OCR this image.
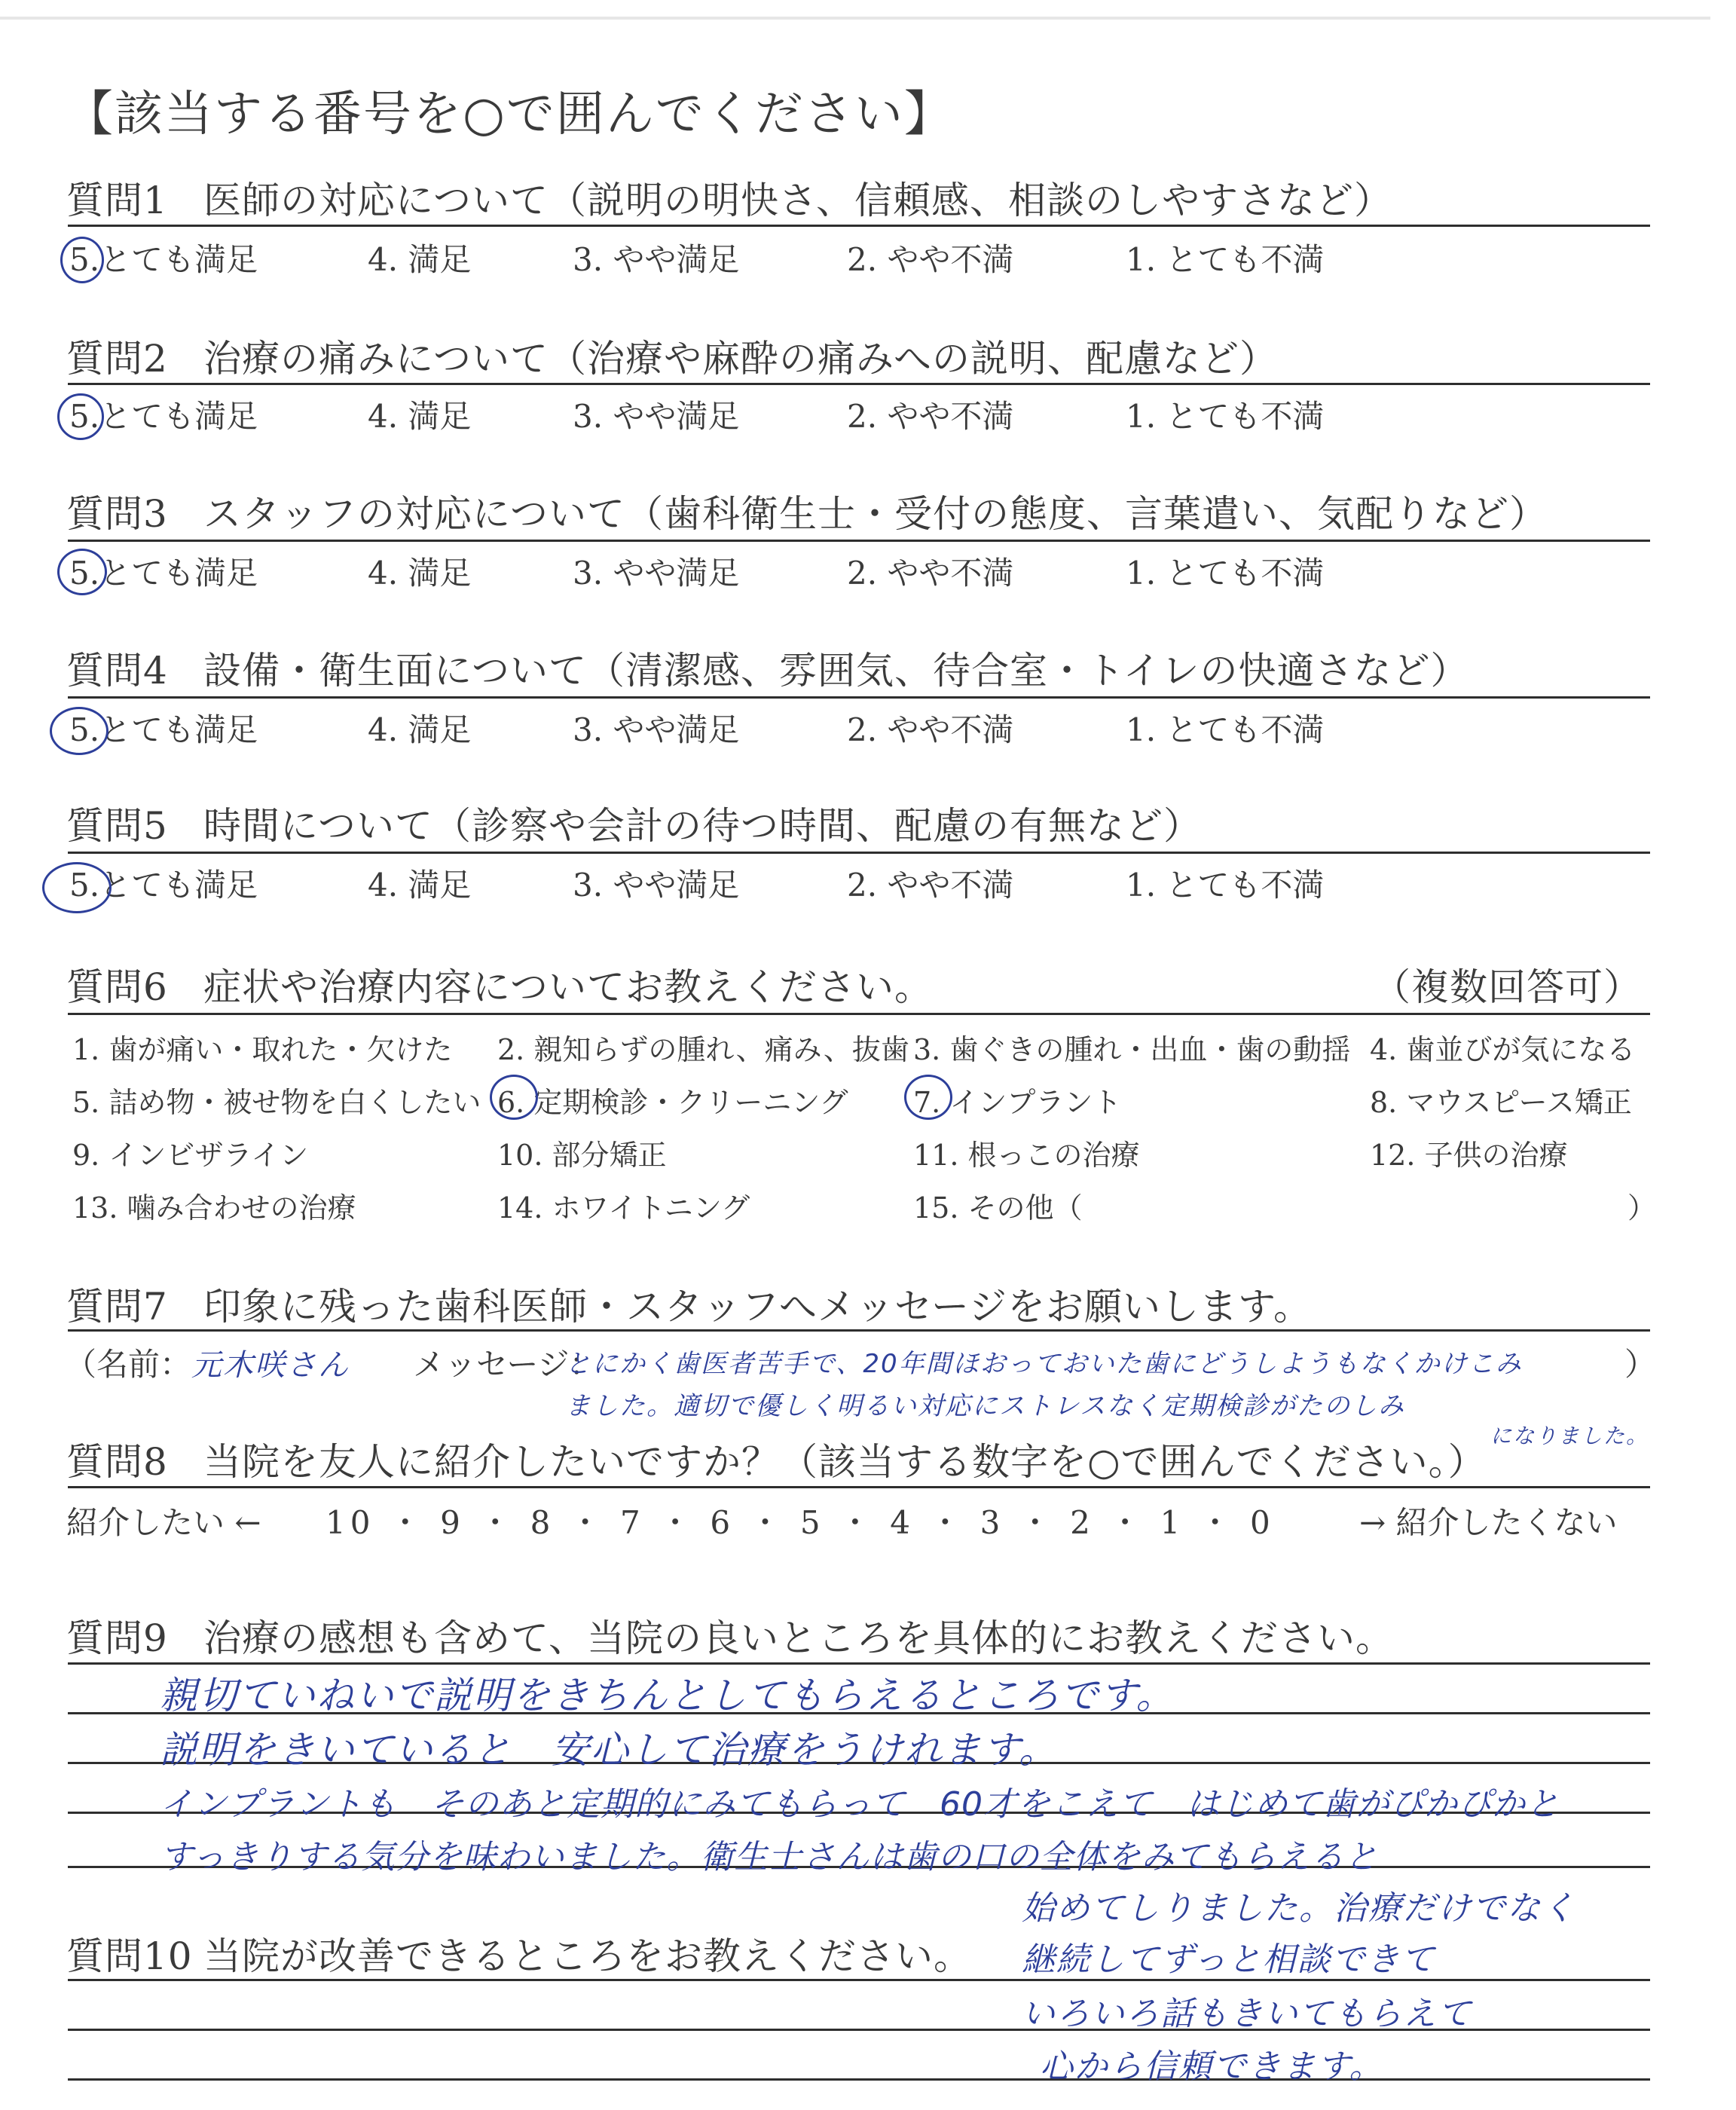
【該当する番号を○で囲んでください】
質問1 医師の対応について（説明の明快さ、信頼感、相談のしやすさなど）
5.とても満足	4. 満足	3. やや満足	2. やや不満	1. とても不満
質問2 治療の痛みについて（治療や麻酔の痛みへの説明、配慮など）
5.とても満足	4. 満足	3. やや満足	2. やや不満	1. とても不満
質問3 スタッフの対応について（歯科衛生士・受付の態度、言葉遣い、気配りなど）
5.とても満足	4. 満足	3. やや満足	2. やや不満	1. とても不満
質問4 設備・衛生面について（清潔感、雰囲気、待合室・トイレの快適さなど）
5.とても満足	4. 満足	3. やや満足	2. やや不満	1. とても不満
質問5 時間について（診察や会計の待つ時間、配慮の有無など）
5.とても満足	4. 満足	3. やや満足	2. やや不満	1. とても不満
質問6 症状や治療内容についてお教えください。	（複数回答可）
1. 歯が痛い・取れた・欠けた 2. 親知らずの腫れ、痛み、抜歯 3. 歯ぐきの腫れ・出血・歯の動揺 4. 歯並びが気になる
5. 詰め物・被せ物を白くしたい 6. 定期検診・クリーニング 7. インプラント	8. マウスピース矯正
9. インビザライン	10. 部分矯正	11. 根っこの治療	12. 子供の治療
13. 噛み合わせの治療	14. ホワイトニング	15. その他（	）
質問7 印象に残った歯科医師・スタッフへメッセージをお願いします。
（名前： 元木咲さん メッセージ：	）
とにかく歯医者苦手で、20年間ほおっておいた歯にどうしようもなくかけこみ
ました。適切で優しく明るい対応にストレスなく定期検診がたのしみ
になりました。
質問8 当院を友人に紹介したいですか？（該当する数字を○で囲んでください。）
紹介したい ← 10 ・ 9 ・ 8 ・ 7 ・ 6 ・ 5 ・ 4 ・ 3 ・ 2 ・ 1 ・ 0	→ 紹介したくない
質問9 治療の感想も含めて、当院の良いところを具体的にお教えください。
親切ていねいで説明をきちんとしてもらえるところです。
説明をきいていると　安心して治療をうけれます。
インプラントも　そのあと定期的にみてもらって　60才をこえて　はじめて歯がぴかぴかと
すっきりする気分を味わいました。衛生士さんは歯の口の全体をみてもらえると
質問10 当院が改善できるところをお教えください。
始めてしりました。治療だけでなく
継続してずっと相談できて
いろいろ話もきいてもらえて
心から信頼できます。
